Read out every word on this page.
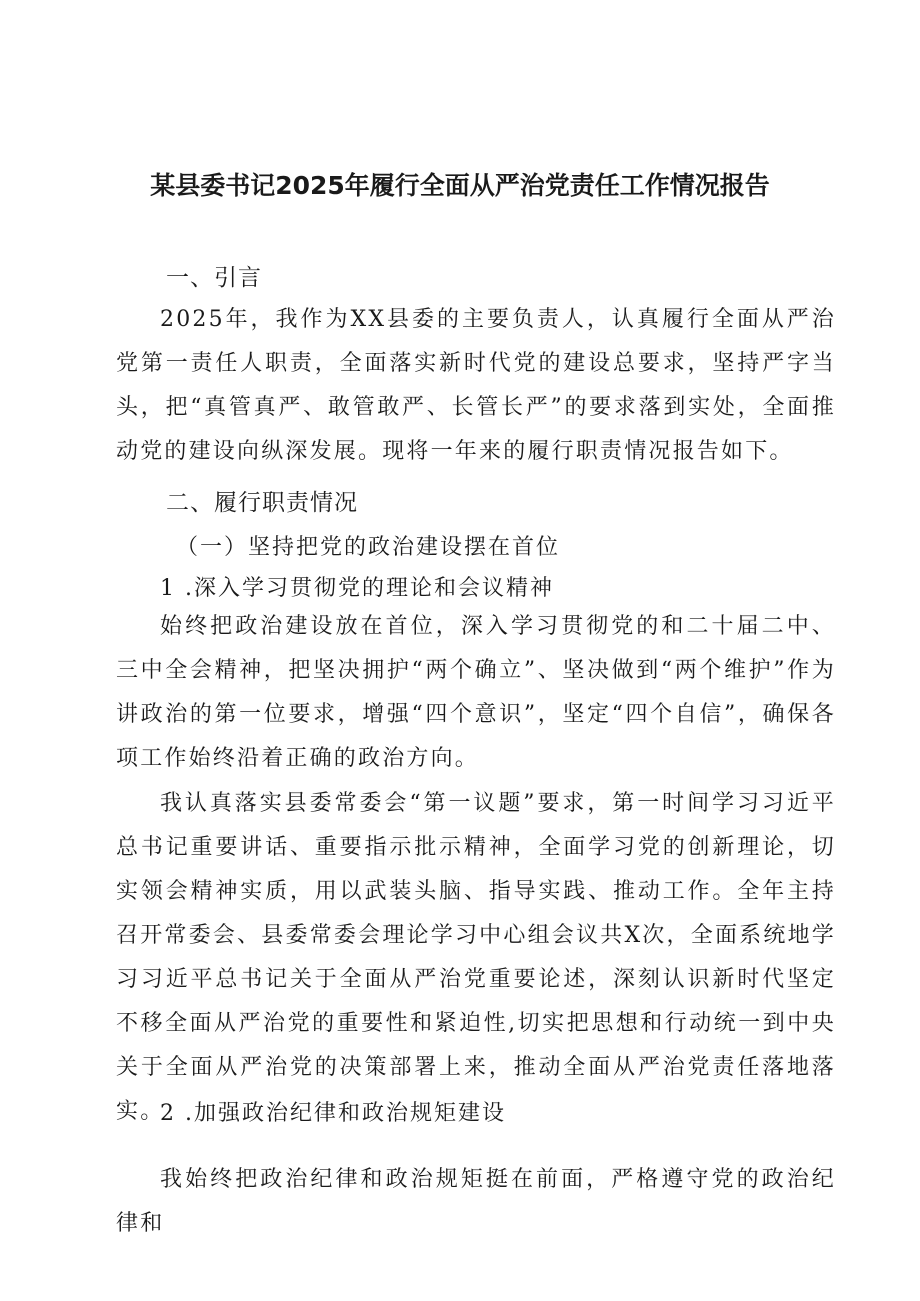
某县委书记2025年履行全面从严治党责任工作情况报告
一、引言

2025年，我作为XX县委的主要负责人，认真履行全面从严治党第一责任人职责，全面落实新时代党的建设总要求，坚持严字当头，把“真管真严、敢管敢严、长管长严”的要求落到实处，全面推动党的建设向纵深发展。现将一年来的履行职责情况报告如下。

二、履行职责情况
（一）坚持把党的政治建设摆在首位
1 .深入学习贯彻党的理论和会议精神

始终把政治建设放在首位，深入学习贯彻党的和二十届二中、三中全会精神，把坚决拥护“两个确立”、坚决做到“两个维护”作为讲政治的第一位要求，增强“四个意识”，坚定“四个自信”，确保各项工作始终沿着正确的政治方向。

我认真落实县委常委会“第一议题”要求，第一时间学习习近平总书记重要讲话、重要指示批示精神，全面学习党的创新理论，切实领会精神实质，用以武装头脑、指导实践、推动工作。全年主持召开常委会、县委常委会理论学习中心组会议共X次，全面系统地学习习近平总书记关于全面从严治党重要论述，深刻认识新时代坚定不移全面从严治党的重要性和紧迫性,切实把思想和行动统一到中央关于全面从严治党的决策部署上来，推动全面从严治党责任落地落实。

2 .加强政治纪律和政治规矩建设

我始终把政治纪律和政治规矩挺在前面，严格遵守党的政治纪律和
